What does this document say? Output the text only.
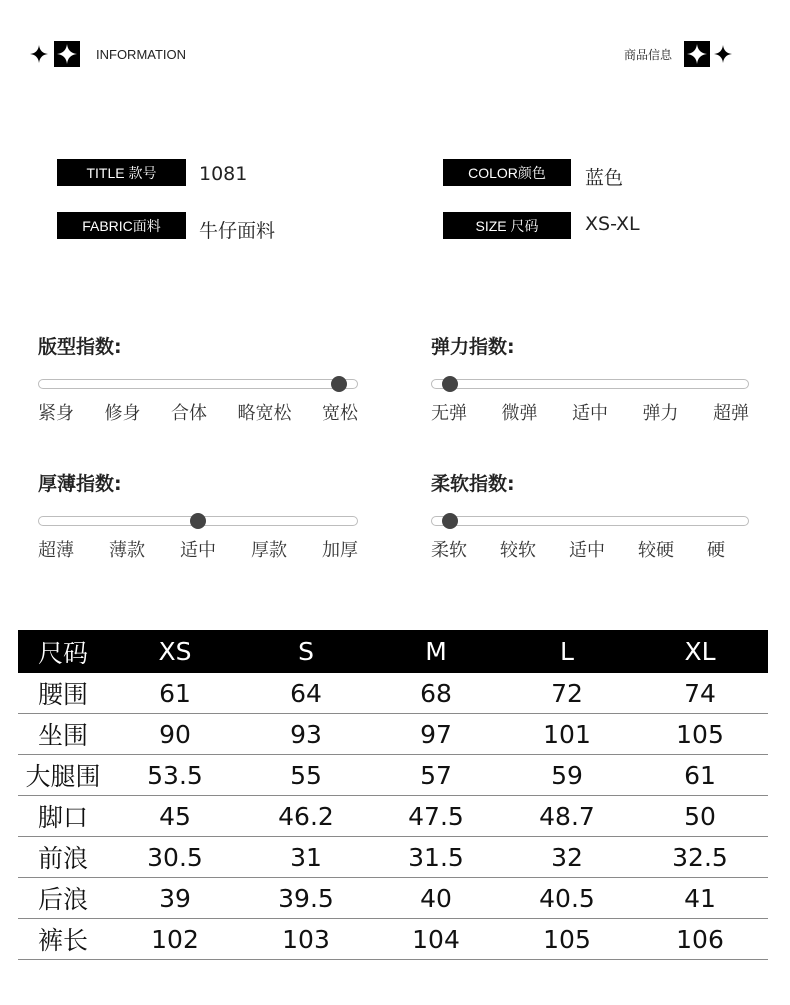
INFORMATION	商品信息
TITLE 款号	1081
FABRIC面料	牛仔面料
COLOR颜色	蓝色
SIZE 尺码	XS-XL
版型指数:
紧身 修身 合体 略宽松 宽松
弹力指数:
无弹 微弹 适中 弹力 超弹
厚薄指数:
超薄 薄款 适中 厚款 加厚
柔软指数:
柔软	较软	适中	较硬	硬
尺码	XS	S	M	L	XL
腰围	61	64	68	72	74
坐围	90	93	97	101	105
大腿围	53.5	55	57	59	61
脚口	45	46.2	47.5	48.7	50
前浪	30.5	31	31.5	32	32.5
后浪	39	39.5	40	40.5	41
裤长	102	103	104	105	106
